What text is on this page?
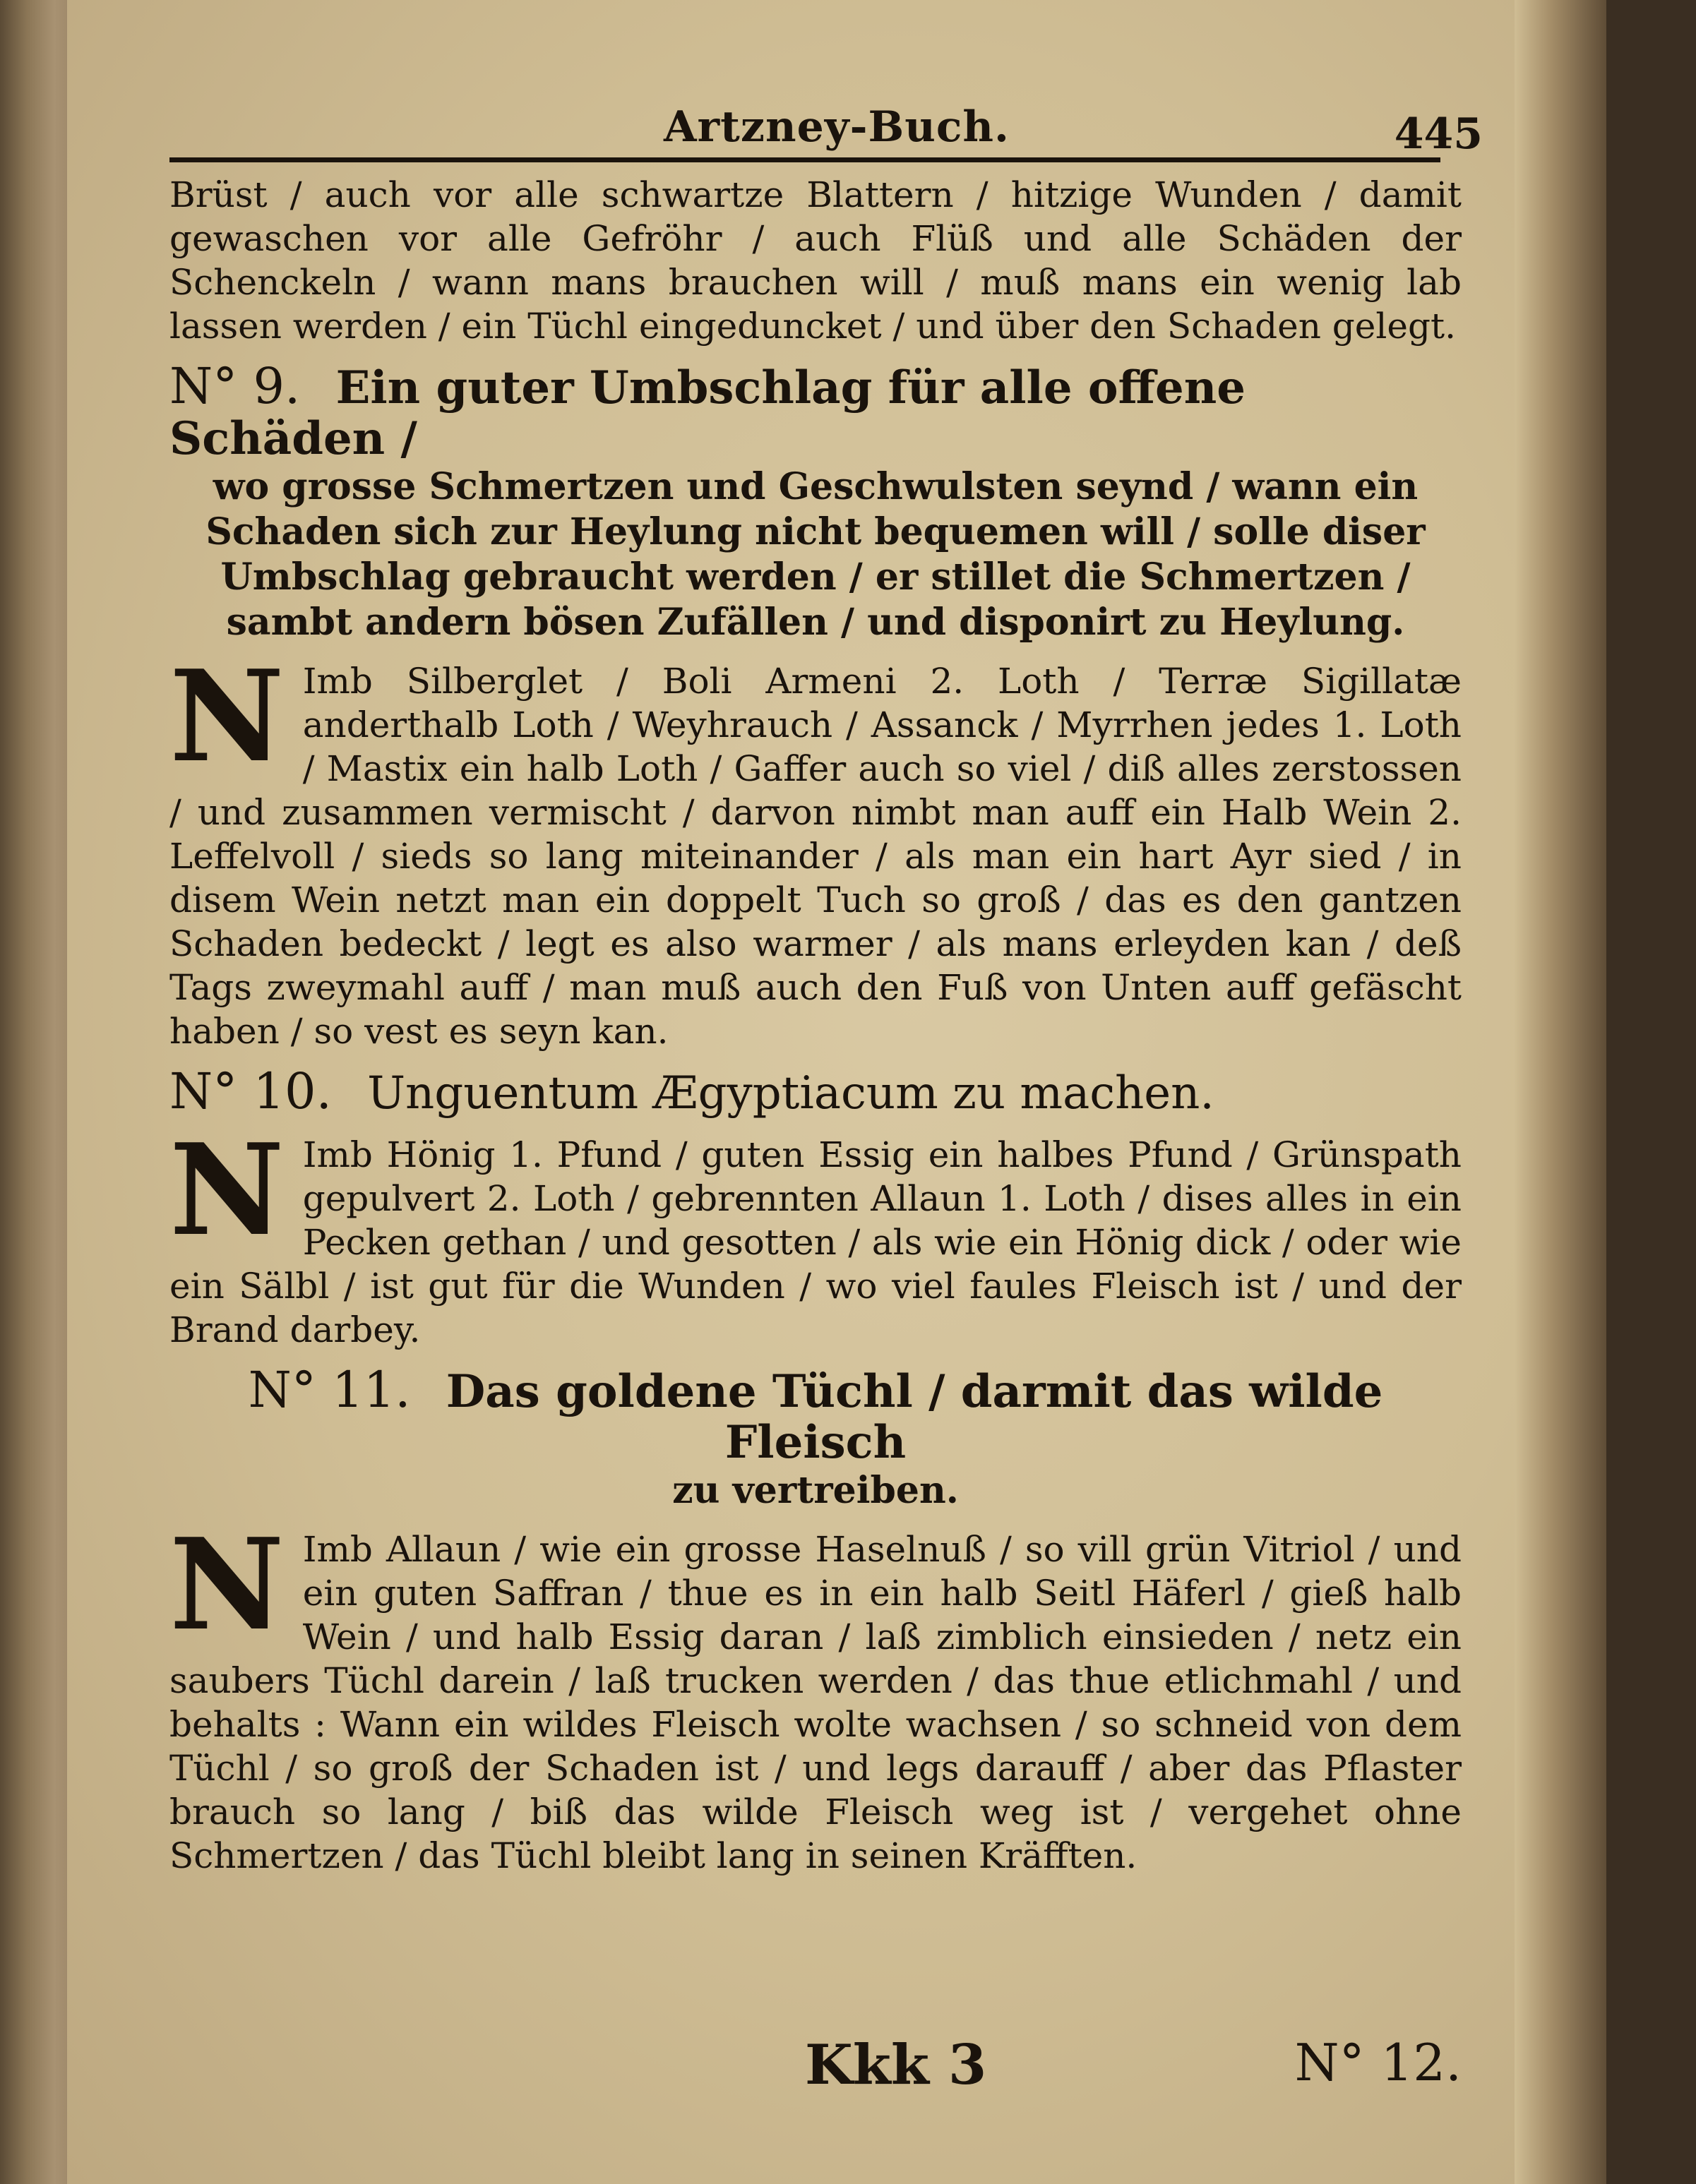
Artzney-Buch.	445

Brüst / auch vor alle schwartze Blattern / hitzige Wunden / damit gewaschen vor alle Gefröhr / auch Flüß und alle Schäden der Schenckeln / wann mans brauchen will / muß mans ein wenig lab lassen werden / ein Tüchl eingeduncket / und über den Schaden gelegt.

N° 9. Ein guter Umbschlag für alle offene Schäden /
wo grosse Schmertzen und Geschwulsten seynd / wann ein Schaden sich zur Heylung nicht bequemen will / solle diser Umbschlag gebraucht werden / er stillet die Schmertzen / sambt andern bösen Zufällen / und disponirt zu Heylung.

N Imb Silberglet / Boli Armeni 2. Loth / Terræ Sigillatæ anderthalb Loth / Weyhrauch / Assanck / Myrrhen jedes 1. Loth / Mastix ein halb Loth / Gaffer auch so viel / diß alles zerstossen / und zusammen vermischt / darvon nimbt man auff ein Halb Wein 2. Leffelvoll / sieds so lang miteinander / als man ein hart Ayr sied / in disem Wein netzt man ein doppelt Tuch so groß / das es den gantzen Schaden bedeckt / legt es also warmer / als mans erleyden kan / deß Tags zweymahl auff / man muß auch den Fuß von Unten auff gefäscht haben / so vest es seyn kan.

N° 10. Unguentum Ægyptiacum zu machen.

N Imb Hönig 1. Pfund / guten Essig ein halbes Pfund / Grünspath gepulvert 2. Loth / gebrennten Allaun 1. Loth / dises alles in ein Pecken gethan / und gesotten / als wie ein Hönig dick / oder wie ein Sälbl / ist gut für die Wunden / wo viel faules Fleisch ist / und der Brand darbey.

N° 11. Das goldene Tüchl / darmit das wilde Fleisch
zu vertreiben.

N Imb Allaun / wie ein grosse Haselnuß / so vill grün Vitriol / und ein guten Saffran / thue es in ein halb Seitl Häferl / gieß halb Wein / und halb Essig daran / laß zimblich einsieden / netz ein saubers Tüchl darein / laß trucken werden / das thue etlichmahl / und behalts : Wann ein wildes Fleisch wolte wachsen / so schneid von dem Tüchl / so groß der Schaden ist / und legs darauff / aber das Pflaster brauch so lang / biß das wilde Fleisch weg ist / vergehet ohne Schmertzen / das Tüchl bleibt lang in seinen Kräfften.

Kkk 3	N° 12.
